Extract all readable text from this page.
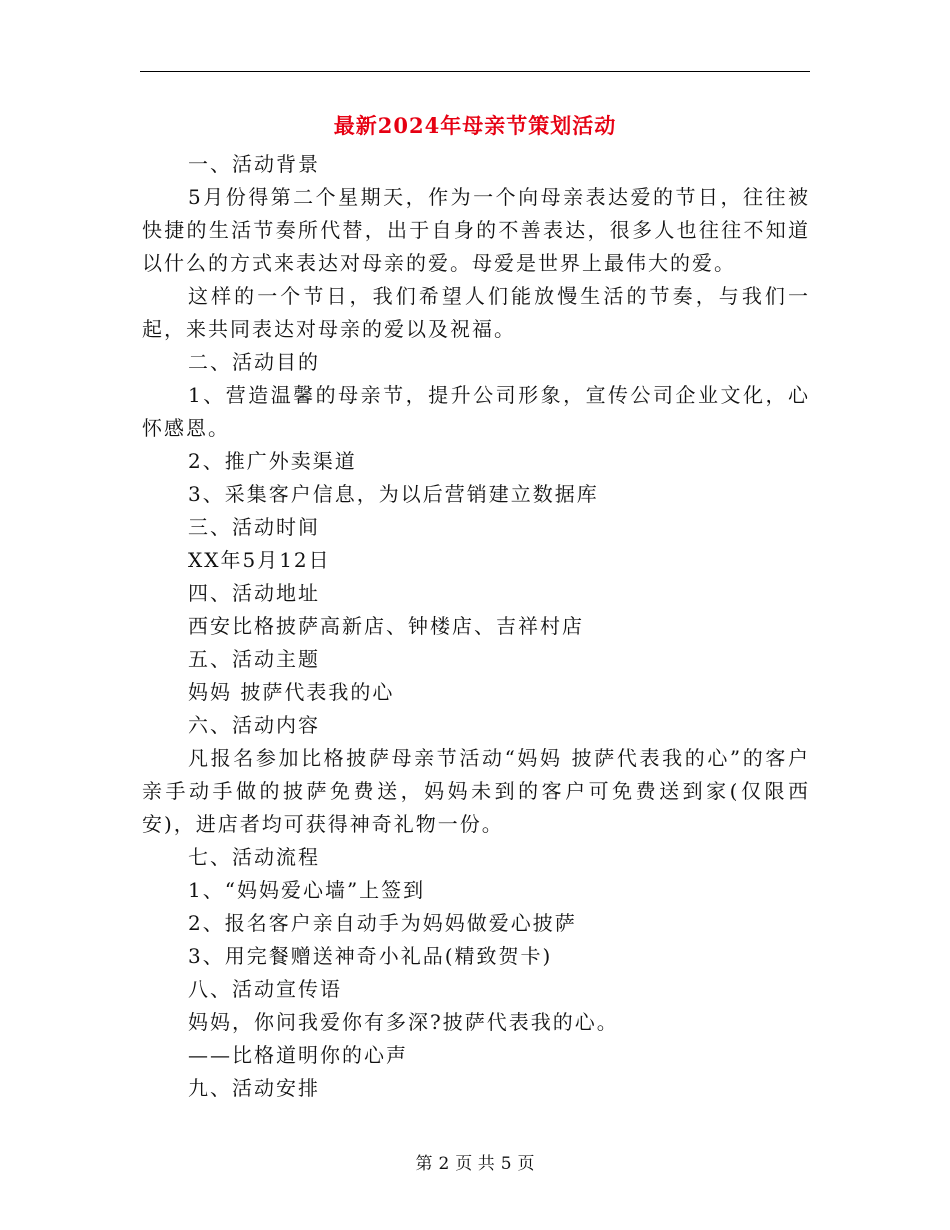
最新2024年母亲节策划活动

一、活动背景

5月份得第二个星期天，作为一个向母亲表达爱的节日，往往被快捷的生活节奏所代替，出于自身的不善表达，很多人也往往不知道以什么的方式来表达对母亲的爱。母爱是世界上最伟大的爱。

这样的一个节日，我们希望人们能放慢生活的节奏，与我们一起，来共同表达对母亲的爱以及祝福。

二、活动目的

1、营造温馨的母亲节，提升公司形象，宣传公司企业文化，心怀感恩。

2、推广外卖渠道

3、采集客户信息，为以后营销建立数据库

三、活动时间

XX年5月12日

四、活动地址

西安比格披萨高新店、钟楼店、吉祥村店

五、活动主题

妈妈 披萨代表我的心

六、活动内容

凡报名参加比格披萨母亲节活动“妈妈 披萨代表我的心”的客户亲手动手做的披萨免费送，妈妈未到的客户可免费送到家(仅限西安)，进店者均可获得神奇礼物一份。

七、活动流程

1、“妈妈爱心墙”上签到

2、报名客户亲自动手为妈妈做爱心披萨

3、用完餐赠送神奇小礼品(精致贺卡)

八、活动宣传语

妈妈，你问我爱你有多深?披萨代表我的心。

——比格道明你的心声

九、活动安排

第 2 页 共 5 页
